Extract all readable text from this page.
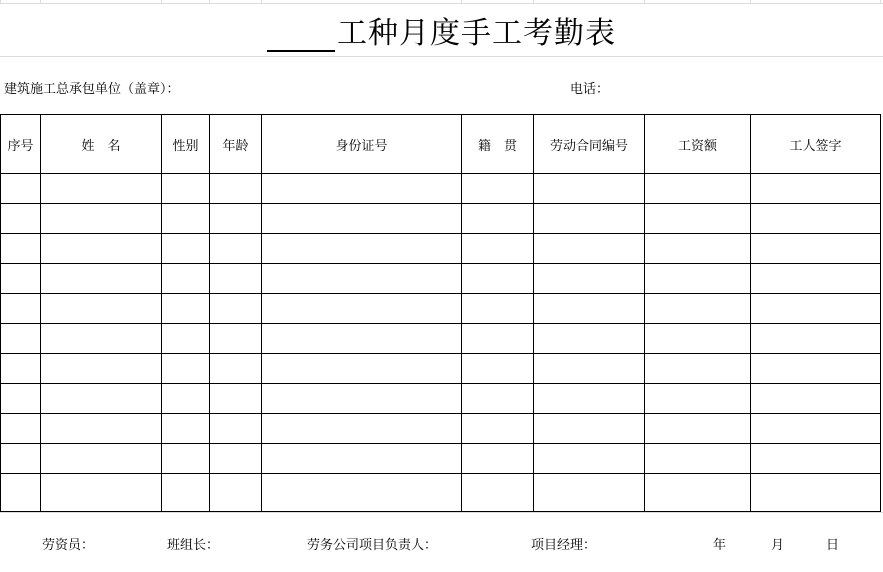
工种月度手工考勤表
建筑施工总承包单位（盖章）：	电话：
序号	姓　名	性别	年龄	身份证号	籍　贯	劳动合同编号	工资额	工人签字

劳资员：	班组长：	劳务公司项目负责人：	项目经理：	年	月	日
